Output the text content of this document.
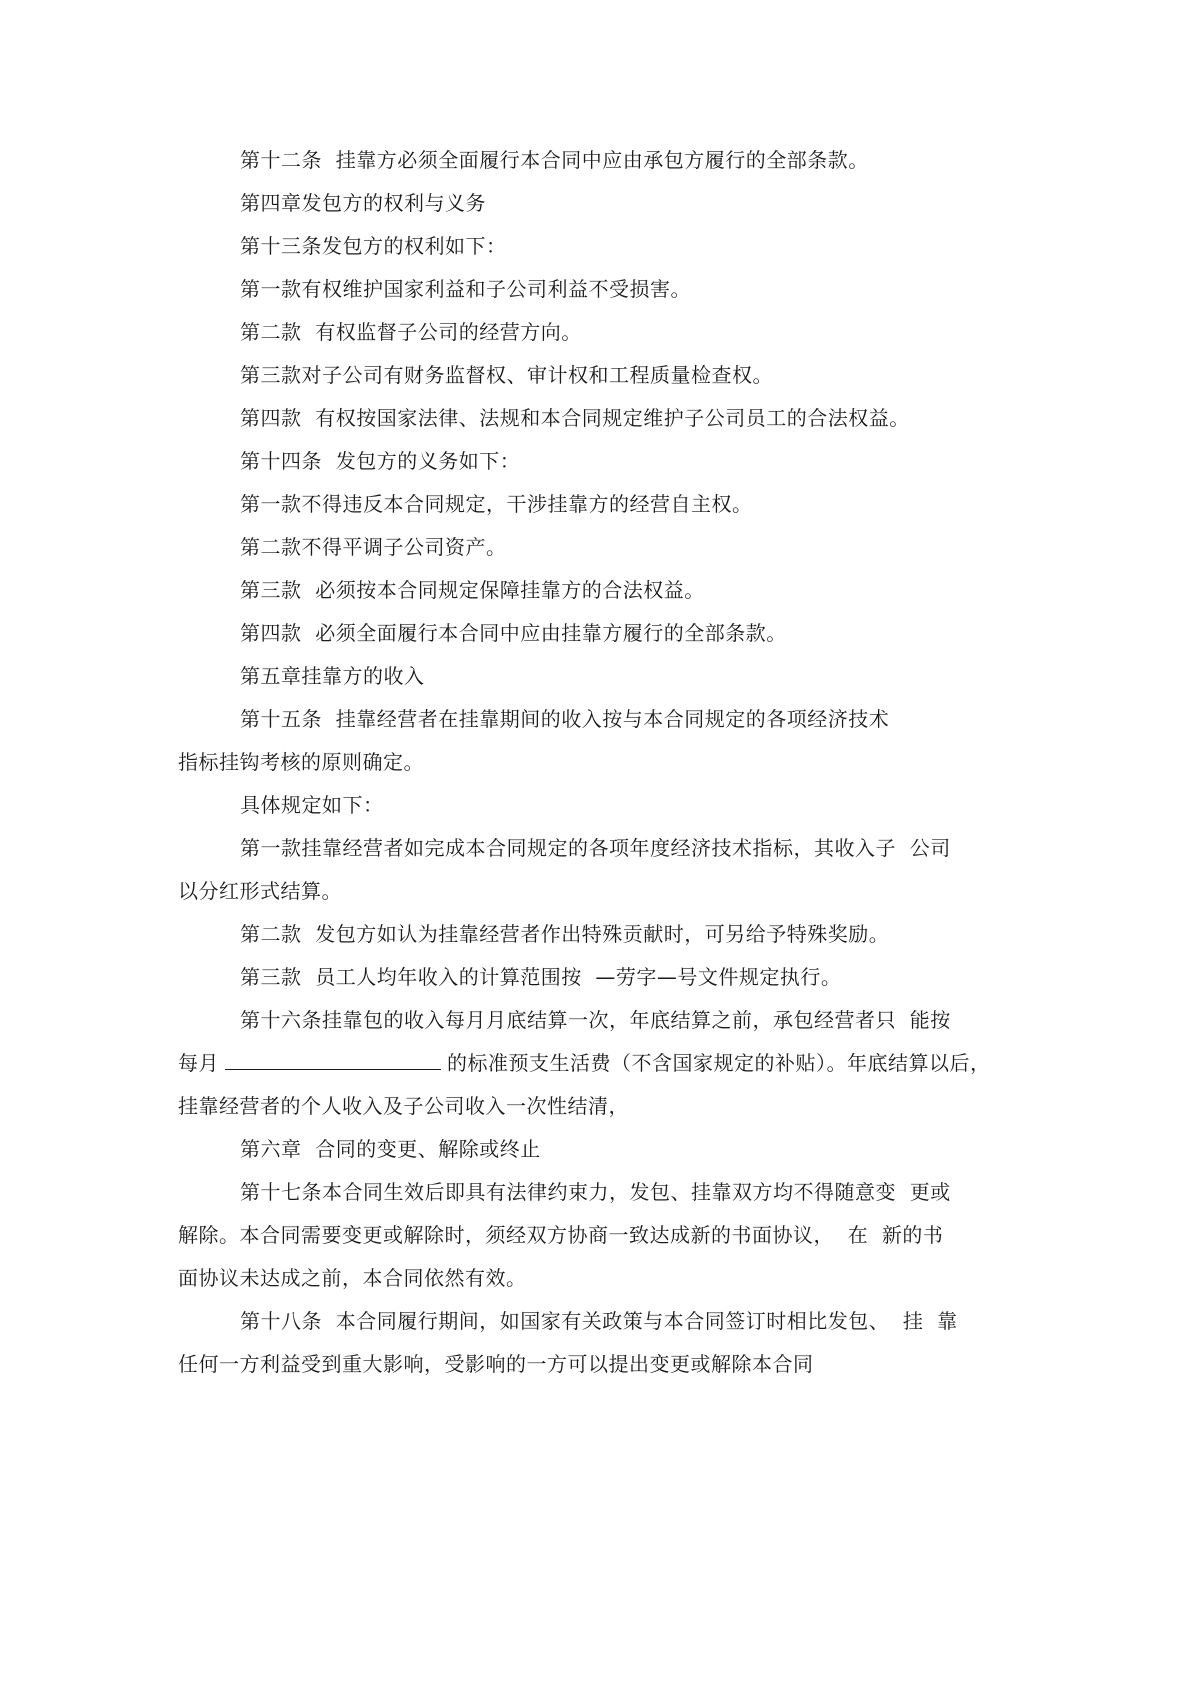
第十二条  挂靠方必须全面履行本合同中应由承包方履行的全部条款。
第四章发包方的权利与义务
第十三条发包方的权利如下：
第一款有权维护国家利益和子公司利益不受损害。
第二款  有权监督子公司的经营方向。
第三款对子公司有财务监督权、审计权和工程质量检查权。
第四款  有权按国家法律、法规和本合同规定维护子公司员工的合法权益。
第十四条  发包方的义务如下：
第一款不得违反本合同规定，干涉挂靠方的经营自主权。
第二款不得平调子公司资产。
第三款  必须按本合同规定保障挂靠方的合法权益。
第四款  必须全面履行本合同中应由挂靠方履行的全部条款。
第五章挂靠方的收入
第十五条  挂靠经营者在挂靠期间的收入按与本合同规定的各项经济技术
指标挂钩考核的原则确定。
具体规定如下：
第一款挂靠经营者如完成本合同规定的各项年度经济技术指标，其收入子  公司
以分红形式结算。
第二款  发包方如认为挂靠经营者作出特殊贡献时，可另给予特殊奖励。
第三款  员工人均年收入的计算范围按  —劳字—号文件规定执行。
第十六条挂靠包的收入每月月底结算一次，年底结算之前，承包经营者只  能按
每月	的标准预支生活费（不含国家规定的补贴）。年底结算以后，
挂靠经营者的个人收入及子公司收入一次性结清，
第六章  合同的变更、解除或终止
第十七条本合同生效后即具有法律约束力，发包、挂靠双方均不得随意变  更或
解除。本合同需要变更或解除时，须经双方协商一致达成新的书面协议，  在  新的书
面协议未达成之前，本合同依然有效。
第十八条  本合同履行期间，如国家有关政策与本合同签订时相比发包、  挂  靠
任何一方利益受到重大影响，受影响的一方可以提出变更或解除本合同
